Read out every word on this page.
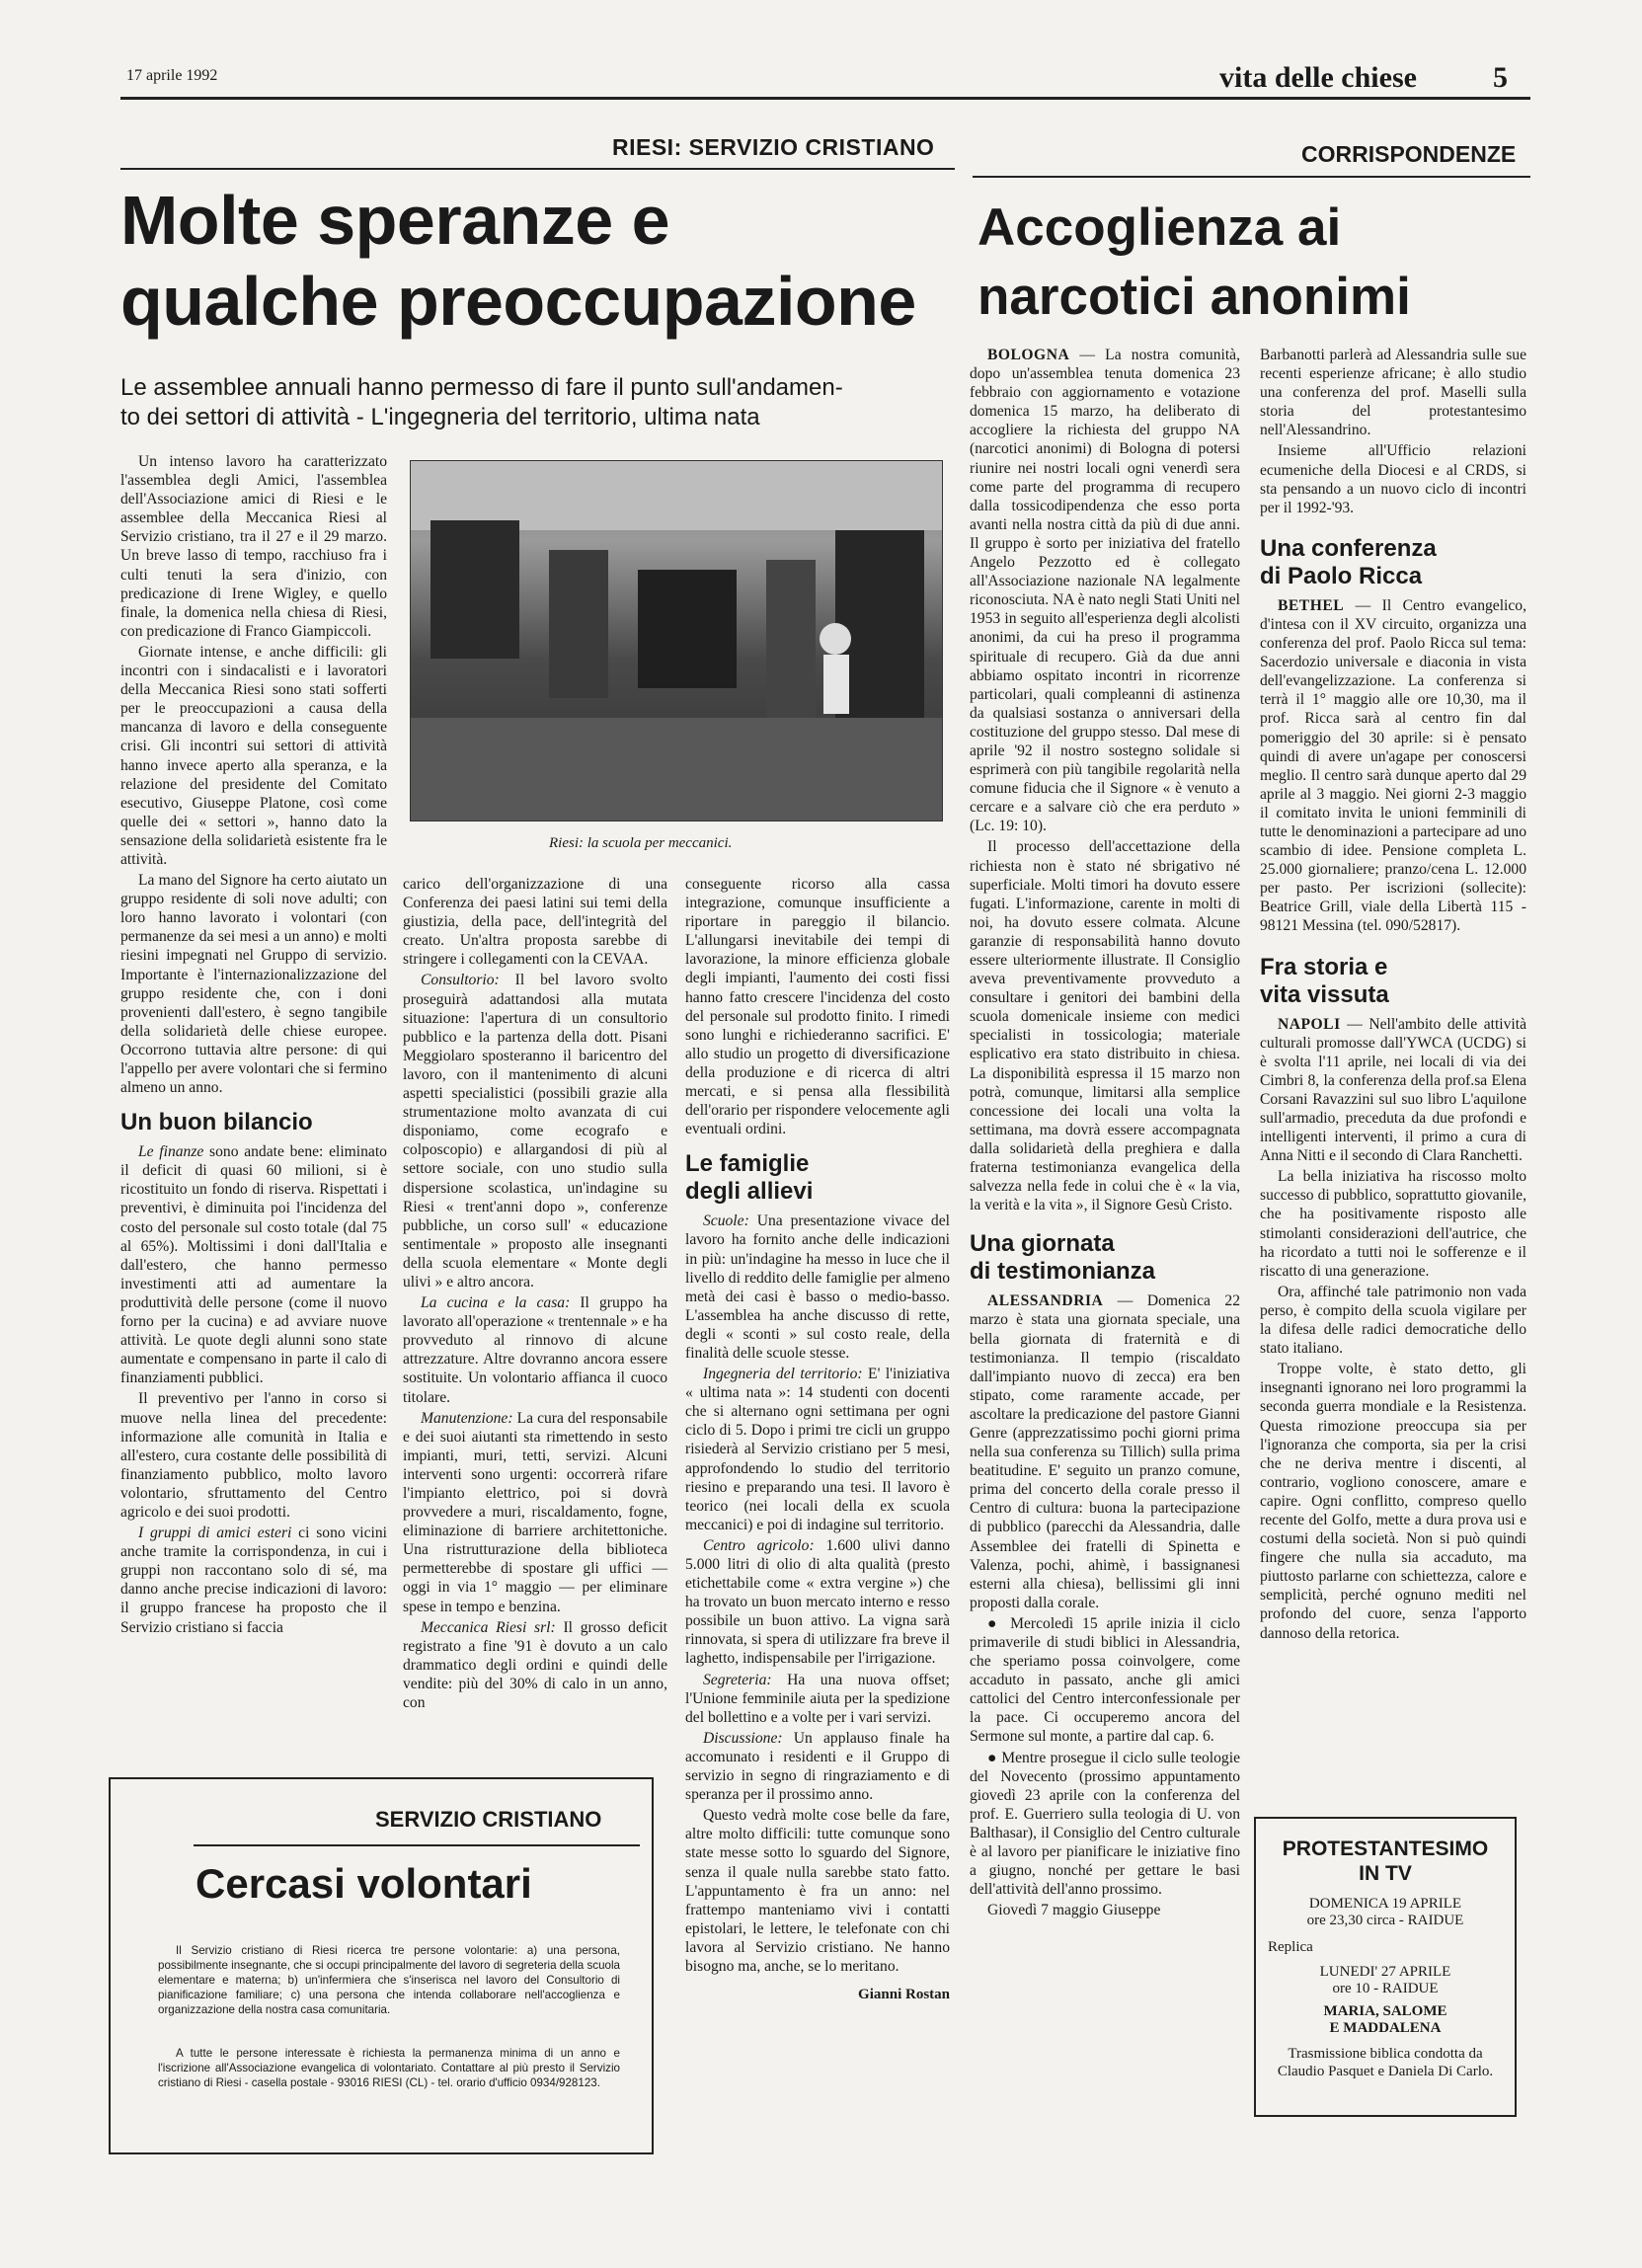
17 aprile 1992	vita delle chiese	5
RIESI: SERVIZIO CRISTIANO	CORRISPONDENZE
Molte speranze e
qualche preoccupazione
Le assemblee annuali hanno permesso di fare il punto sull'andamen-
to dei settori di attività - L'ingegneria del territorio, ultima nata
Riesi: la scuola per meccanici.

Un intenso lavoro ha caratterizzato l'assemblea degli Amici, l'assemblea dell'Associazione amici di Riesi e le assemblee della Meccanica Riesi al Servizio cristiano, tra il 27 e il 29 marzo. Un breve lasso di tempo, racchiuso fra i culti tenuti la sera d'inizio, con predicazione di Irene Wigley, e quello finale, la domenica nella chiesa di Riesi, con predicazione di Franco Giampiccoli.

Giornate intense, e anche difficili: gli incontri con i sindacalisti e i lavoratori della Meccanica Riesi sono stati sofferti per le preoccupazioni a causa della mancanza di lavoro e della conseguente crisi. Gli incontri sui settori di attività hanno invece aperto alla speranza, e la relazione del presidente del Comitato esecutivo, Giuseppe Platone, così come quelle dei « settori », hanno dato la sensazione della solidarietà esistente fra le attività.

La mano del Signore ha certo aiutato un gruppo residente di soli nove adulti; con loro hanno lavorato i volontari (con permanenze da sei mesi a un anno) e molti riesini impegnati nel Gruppo di servizio. Importante è l'internazionalizzazione del gruppo residente che, con i doni provenienti dall'estero, è segno tangibile della solidarietà delle chiese europee. Occorrono tuttavia altre persone: di qui l'appello per avere volontari che si fermino almeno un anno.

Un buon bilancio

Le finanze sono andate bene: eliminato il deficit di quasi 60 milioni, si è ricostituito un fondo di riserva. Rispettati i preventivi, è diminuita poi l'incidenza del costo del personale sul costo totale (dal 75 al 65%). Moltissimi i doni dall'Italia e dall'estero, che hanno permesso investimenti atti ad aumentare la produttività delle persone (come il nuovo forno per la cucina) e ad avviare nuove attività. Le quote degli alunni sono state aumentate e compensano in parte il calo di finanziamenti pubblici.

Il preventivo per l'anno in corso si muove nella linea del precedente: informazione alle comunità in Italia e all'estero, cura costante delle possibilità di finanziamento pubblico, molto lavoro volontario, sfruttamento del Centro agricolo e dei suoi prodotti.

I gruppi di amici esteri ci sono vicini anche tramite la corrispondenza, in cui i gruppi non raccontano solo di sé, ma danno anche precise indicazioni di lavoro: il gruppo francese ha proposto che il Servizio cristiano si faccia

carico dell'organizzazione di una Conferenza dei paesi latini sui temi della giustizia, della pace, dell'integrità del creato. Un'altra proposta sarebbe di stringere i collegamenti con la CEVAA.

Consultorio: Il bel lavoro svolto proseguirà adattandosi alla mutata situazione: l'apertura di un consultorio pubblico e la partenza della dott. Pisani Meggiolaro sposteranno il baricentro del lavoro, con il mantenimento di alcuni aspetti specialistici (possibili grazie alla strumentazione molto avanzata di cui disponiamo, come ecografo e colposcopio) e allargandosi di più al settore sociale, con uno studio sulla dispersione scolastica, un'indagine su Riesi « trent'anni dopo », conferenze pubbliche, un corso sull' « educazione sentimentale » proposto alle insegnanti della scuola elementare « Monte degli ulivi » e altro ancora.

La cucina e la casa: Il gruppo ha lavorato all'operazione « trentennale » e ha provveduto al rinnovo di alcune attrezzature. Altre dovranno ancora essere sostituite. Un volontario affianca il cuoco titolare.

Manutenzione: La cura del responsabile e dei suoi aiutanti sta rimettendo in sesto impianti, muri, tetti, servizi. Alcuni interventi sono urgenti: occorrerà rifare l'impianto elettrico, poi si dovrà provvedere a muri, riscaldamento, fogne, eliminazione di barriere architettoniche. Una ristrutturazione della biblioteca permetterebbe di spostare gli uffici — oggi in via 1° maggio — per eliminare spese in tempo e benzina.

Meccanica Riesi srl: Il grosso deficit registrato a fine '91 è dovuto a un calo drammatico degli ordini e quindi delle vendite: più del 30% di calo in un anno, con

conseguente ricorso alla cassa integrazione, comunque insufficiente a riportare in pareggio il bilancio. L'allungarsi inevitabile dei tempi di lavorazione, la minore efficienza globale degli impianti, l'aumento dei costi fissi hanno fatto crescere l'incidenza del costo del personale sul prodotto finito. I rimedi sono lunghi e richiederanno sacrifici. E' allo studio un progetto di diversificazione della produzione e di ricerca di altri mercati, e si pensa alla flessibilità dell'orario per rispondere velocemente agli eventuali ordini.

Le famiglie
degli allievi

Scuole: Una presentazione vivace del lavoro ha fornito anche delle indicazioni in più: un'indagine ha messo in luce che il livello di reddito delle famiglie per almeno metà dei casi è basso o medio-basso. L'assemblea ha anche discusso di rette, degli « sconti » sul costo reale, della finalità delle scuole stesse.

Ingegneria del territorio: E' l'iniziativa « ultima nata »: 14 studenti con docenti che si alternano ogni settimana per ogni ciclo di 5. Dopo i primi tre cicli un gruppo risiederà al Servizio cristiano per 5 mesi, approfondendo lo studio del territorio riesino e preparando una tesi. Il lavoro è teorico (nei locali della ex scuola meccanici) e poi di indagine sul territorio.

Centro agricolo: 1.600 ulivi danno 5.000 litri di olio di alta qualità (presto etichettabile come « extra vergine ») che ha trovato un buon mercato interno e resso possibile un buon attivo. La vigna sarà rinnovata, si spera di utilizzare fra breve il laghetto, indispensabile per l'irrigazione.

Segreteria: Ha una nuova offset; l'Unione femminile aiuta per la spedizione del bollettino e a volte per i vari servizi.

Discussione: Un applauso finale ha accomunato i residenti e il Gruppo di servizio in segno di ringraziamento e di speranza per il prossimo anno.

Questo vedrà molte cose belle da fare, altre molto difficili: tutte comunque sono state messe sotto lo sguardo del Signore, senza il quale nulla sarebbe stato fatto. L'appuntamento è fra un anno: nel frattempo manteniamo vivi i contatti epistolari, le lettere, le telefonate con chi lavora al Servizio cristiano. Ne hanno bisogno ma, anche, se lo meritano.

Gianni Rostan
SERVIZIO CRISTIANO
Cercasi volontari
Il Servizio cristiano di Riesi ricerca tre persone volontarie: a) una persona, possibilmente insegnante, che si occupi principalmente del lavoro di segreteria della scuola elementare e materna; b) un'infermiera che s'inserisca nel lavoro del Consultorio di pianificazione familiare; c) una persona che intenda collaborare nell'accoglienza e organizzazione della nostra casa comunitaria.
A tutte le persone interessate è richiesta la permanenza minima di un anno e l'iscrizione all'Associazione evangelica di volontariato. Contattare al più presto il Servizio cristiano di Riesi - casella postale - 93016 RIESI (CL) - tel. orario d'ufficio 0934/928123.
Accoglienza ai
narcotici anonimi

BOLOGNA — La nostra comunità, dopo un'assemblea tenuta domenica 23 febbraio con aggiornamento e votazione domenica 15 marzo, ha deliberato di accogliere la richiesta del gruppo NA (narcotici anonimi) di Bologna di potersi riunire nei nostri locali ogni venerdì sera come parte del programma di recupero dalla tossicodipendenza che esso porta avanti nella nostra città da più di due anni. Il gruppo è sorto per iniziativa del fratello Angelo Pezzotto ed è collegato all'Associazione nazionale NA legalmente riconosciuta. NA è nato negli Stati Uniti nel 1953 in seguito all'esperienza degli alcolisti anonimi, da cui ha preso il programma spirituale di recupero. Già da due anni abbiamo ospitato incontri in ricorrenze particolari, quali compleanni di astinenza da qualsiasi sostanza o anniversari della costituzione del gruppo stesso. Dal mese di aprile '92 il nostro sostegno solidale si esprimerà con più tangibile regolarità nella comune fiducia che il Signore « è venuto a cercare e a salvare ciò che era perduto » (Lc. 19: 10).

Il processo dell'accettazione della richiesta non è stato né sbrigativo né superficiale. Molti timori ha dovuto essere fugati. L'informazione, carente in molti di noi, ha dovuto essere colmata. Alcune garanzie di responsabilità hanno dovuto essere ulteriormente illustrate. Il Consiglio aveva preventivamente provveduto a consultare i genitori dei bambini della scuola domenicale insieme con medici specialisti in tossicologia; materiale esplicativo era stato distribuito in chiesa. La disponibilità espressa il 15 marzo non potrà, comunque, limitarsi alla semplice concessione dei locali una volta la settimana, ma dovrà essere accompagnata dalla solidarietà della preghiera e dalla fraterna testimonianza evangelica della salvezza nella fede in colui che è « la via, la verità e la vita », il Signore Gesù Cristo.

Una giornata
di testimonianza

ALESSANDRIA — Domenica 22 marzo è stata una giornata speciale, una bella giornata di fraternità e di testimonianza. Il tempio (riscaldato dall'impianto nuovo di zecca) era ben stipato, come raramente accade, per ascoltare la predicazione del pastore Gianni Genre (apprezzatissimo pochi giorni prima nella sua conferenza su Tillich) sulla prima beatitudine. E' seguito un pranzo comune, prima del concerto della corale presso il Centro di cultura: buona la partecipazione di pubblico (parecchi da Alessandria, dalle Assemblee dei fratelli di Spinetta e Valenza, pochi, ahimè, i bassignanesi esterni alla chiesa), bellissimi gli inni proposti dalla corale.

● Mercoledì 15 aprile inizia il ciclo primaverile di studi biblici in Alessandria, che speriamo possa coinvolgere, come accaduto in passato, anche gli amici cattolici del Centro interconfessionale per la pace. Ci occuperemo ancora del Sermone sul monte, a partire dal cap. 6.

● Mentre prosegue il ciclo sulle teologie del Novecento (prossimo appuntamento giovedì 23 aprile con la conferenza del prof. E. Guerriero sulla teologia di U. von Balthasar), il Consiglio del Centro culturale è al lavoro per pianificare le iniziative fino a giugno, nonché per gettare le basi dell'attività dell'anno prossimo.

Giovedì 7 maggio Giuseppe

Barbanotti parlerà ad Alessandria sulle sue recenti esperienze africane; è allo studio una conferenza del prof. Maselli sulla storia del protestantesimo nell'Alessandrino.

Insieme all'Ufficio relazioni ecumeniche della Diocesi e al CRDS, si sta pensando a un nuovo ciclo di incontri per il 1992-'93.

Una conferenza
di Paolo Ricca

BETHEL — Il Centro evangelico, d'intesa con il XV circuito, organizza una conferenza del prof. Paolo Ricca sul tema: Sacerdozio universale e diaconia in vista dell'evangelizzazione. La conferenza si terrà il 1° maggio alle ore 10,30, ma il prof. Ricca sarà al centro fin dal pomeriggio del 30 aprile: si è pensato quindi di avere un'agape per conoscersi meglio. Il centro sarà dunque aperto dal 29 aprile al 3 maggio. Nei giorni 2-3 maggio il comitato invita le unioni femminili di tutte le denominazioni a partecipare ad uno scambio di idee. Pensione completa L. 25.000 giornaliere; pranzo/cena L. 12.000 per pasto. Per iscrizioni (sollecite): Beatrice Grill, viale della Libertà 115 - 98121 Messina (tel. 090/52817).

Fra storia e
vita vissuta

NAPOLI — Nell'ambito delle attività culturali promosse dall'YWCA (UCDG) si è svolta l'11 aprile, nei locali di via dei Cimbri 8, la conferenza della prof.sa Elena Corsani Ravazzini sul suo libro L'aquilone sull'armadio, preceduta da due profondi e intelligenti interventi, il primo a cura di Anna Nitti e il secondo di Clara Ranchetti.

La bella iniziativa ha riscosso molto successo di pubblico, soprattutto giovanile, che ha positivamente risposto alle stimolanti considerazioni dell'autrice, che ha ricordato a tutti noi le sofferenze e il riscatto di una generazione.

Ora, affinché tale patrimonio non vada perso, è compito della scuola vigilare per la difesa delle radici democratiche dello stato italiano.

Troppe volte, è stato detto, gli insegnanti ignorano nei loro programmi la seconda guerra mondiale e la Resistenza. Questa rimozione preoccupa sia per l'ignoranza che comporta, sia per la crisi che ne deriva mentre i discenti, al contrario, vogliono conoscere, amare e capire. Ogni conflitto, compreso quello recente del Golfo, mette a dura prova usi e costumi della società. Non si può quindi fingere che nulla sia accaduto, ma piuttosto parlarne con schiettezza, calore e semplicità, perché ognuno mediti nel profondo del cuore, senza l'apporto dannoso della retorica.

PROTESTANTESIMO
IN TV
DOMENICA 19 APRILE
ore 23,30 circa - RAIDUE
Replica
LUNEDI' 27 APRILE
ore 10 - RAIDUE
MARIA, SALOME
E MADDALENA
Trasmissione biblica condotta da Claudio Pasquet e Daniela Di Carlo.
